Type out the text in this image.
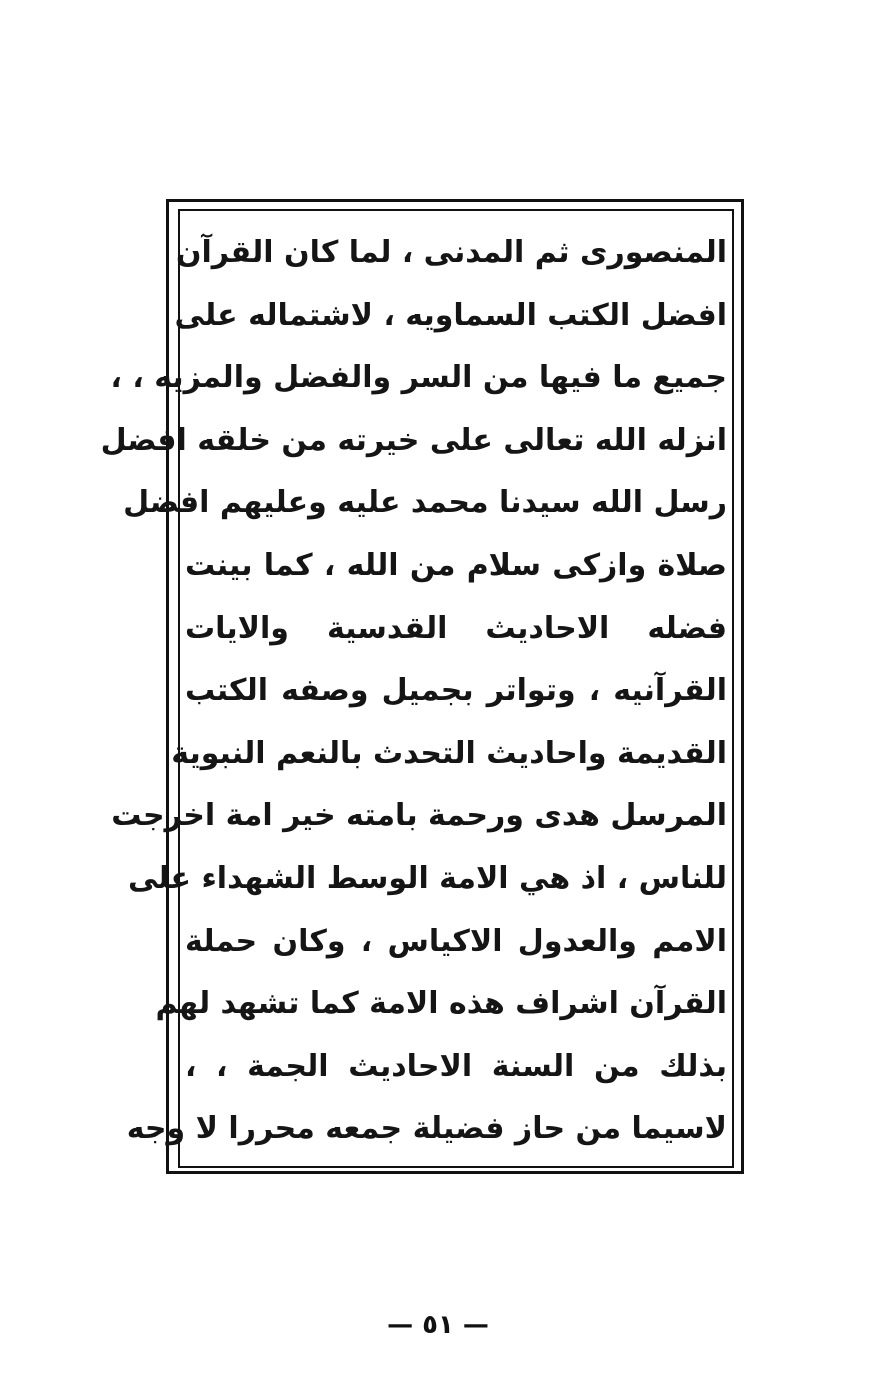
المنصوری ثم المدنی ، لما كان القرآن
افضل الكتب السماويه ، لاشتماله على
جميع ما فيها من السر والفضل والمزيه ، ،
انزله الله تعالى على خيرته من خلقه افضل
رسل الله سيدنا محمد عليه وعليهم افضل
صلاة وازكى سلام من الله ، كما بينت
فضله الاحاديث القدسية والايات
القرآنيه ، وتواتر بجميل وصفه الكتب
القديمة واحاديث التحدث بالنعم النبوية
المرسل هدى ورحمة بامته خير امة اخرجت
للناس ، اذ هي الامة الوسط الشهداء على
الامم والعدول الاكياس ، وكان حملة
القرآن اشراف هذه الامة كما تشهد لهم
بذلك من السنة الاحاديث الجمة ، ،
لاسيما من حاز فضيلة جمعه محررا لا وجه
— ٥١ —
